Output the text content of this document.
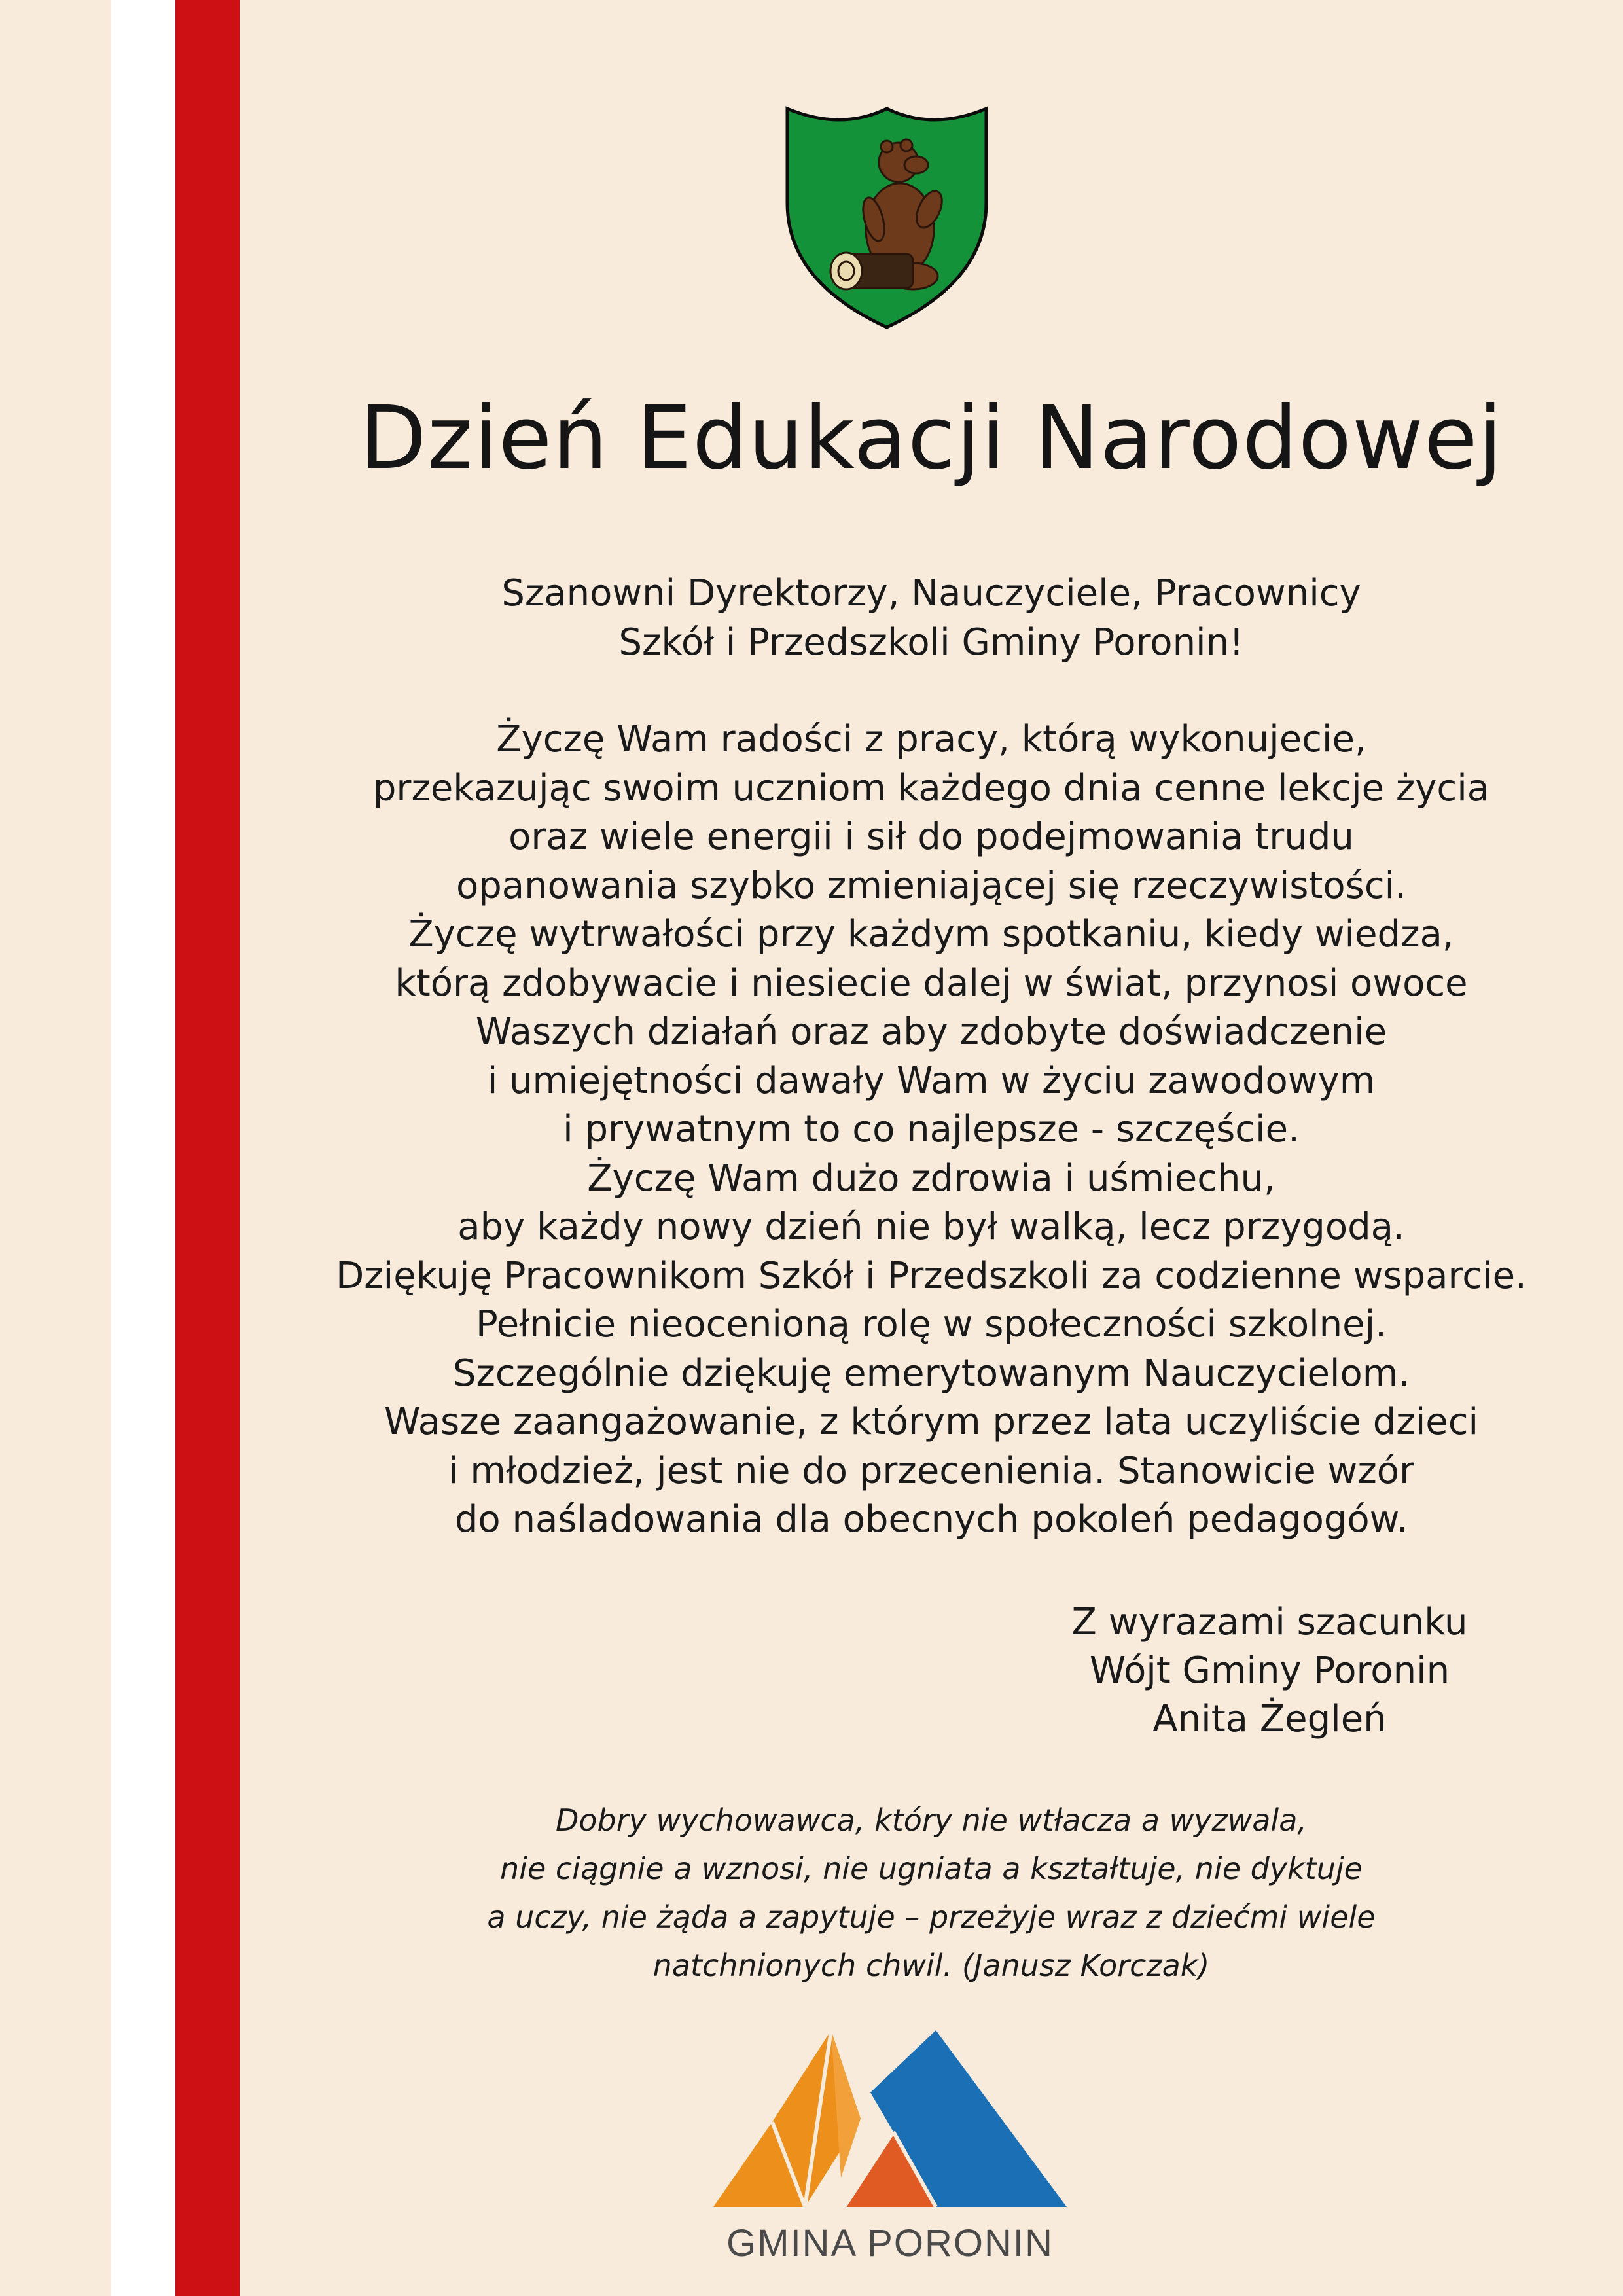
Dzień Edukacji Narodowej
Szanowni Dyrektorzy, Nauczyciele, Pracownicy
Szkół i Przedszkoli Gminy Poronin!
Życzę Wam radości z pracy, którą wykonujecie,
przekazując swoim uczniom każdego dnia cenne lekcje życia
oraz wiele energii i sił do podejmowania trudu
opanowania szybko zmieniającej się rzeczywistości.
Życzę wytrwałości przy każdym spotkaniu, kiedy wiedza,
którą zdobywacie i niesiecie dalej w świat, przynosi owoce
Waszych działań oraz aby zdobyte doświadczenie
i umiejętności dawały Wam w życiu zawodowym
i prywatnym to co najlepsze - szczęście.
Życzę Wam dużo zdrowia i uśmiechu,
aby każdy nowy dzień nie był walką, lecz przygodą.
Dziękuję Pracownikom Szkół i Przedszkoli za codzienne wsparcie.
Pełnicie nieocenioną rolę w społeczności szkolnej.
Szczególnie dziękuję emerytowanym Nauczycielom.
Wasze zaangażowanie, z którym przez lata uczyliście dzieci
i młodzież, jest nie do przecenienia. Stanowicie wzór
do naśladowania dla obecnych pokoleń pedagogów.
Z wyrazami szacunku
Wójt Gminy Poronin
Anita Żegleń
Dobry wychowawca, który nie wtłacza a wyzwala,
nie ciągnie a wznosi, nie ugniata a kształtuje, nie dyktuje
a uczy, nie żąda a zapytuje – przeżyje wraz z dziećmi wiele
natchnionych chwil. (Janusz Korczak)
GMINA PORONIN
